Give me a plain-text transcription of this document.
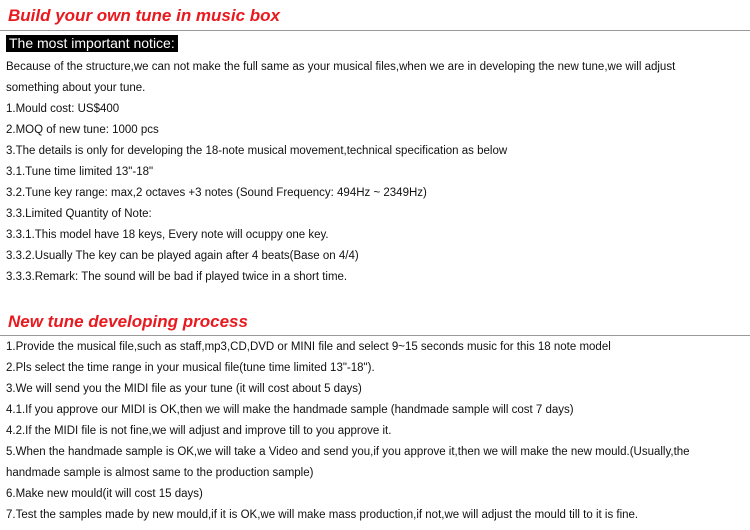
Build your own tune in music box
The most important notice:
Because of the structure,we can not make the full same as your musical files,when we are in developing the new tune,we will adjust
something about your tune.
1.Mould cost: US$400
2.MOQ of new tune: 1000 pcs
3.The details is only for developing the 18-note musical movement,technical specification as below
3.1.Tune time limited 13"-18"
3.2.Tune key range: max,2 octaves +3 notes (Sound Frequency: 494Hz ~ 2349Hz)
3.3.Limited Quantity of Note:
3.3.1.This model have 18 keys, Every note will ocuppy one key.
3.3.2.Usually The key can be played again after 4 beats(Base on 4/4)
3.3.3.Remark: The sound will be bad if played twice in a short time.
New tune developing process
1.Provide the musical file,such as staff,mp3,CD,DVD or MINI file and select 9~15 seconds music for this 18 note model
2.Pls select the time range in your musical file(tune time limited 13"-18").
3.We will send you the MIDI file as your tune (it will cost about 5 days)
4.1.If you approve our MIDI is OK,then we will make the handmade sample (handmade sample will cost 7 days)
4.2.If the MIDI file is not fine,we will adjust and improve till to you approve it.
5.When the handmade sample is OK,we will take a Video and send you,if you approve it,then we will make the new mould.(Usually,the
handmade sample is almost same to the production sample)
6.Make new mould(it will cost 15 days)
7.Test the samples made by new mould,if it is OK,we will make mass production,if not,we will adjust the mould till to it is fine.
